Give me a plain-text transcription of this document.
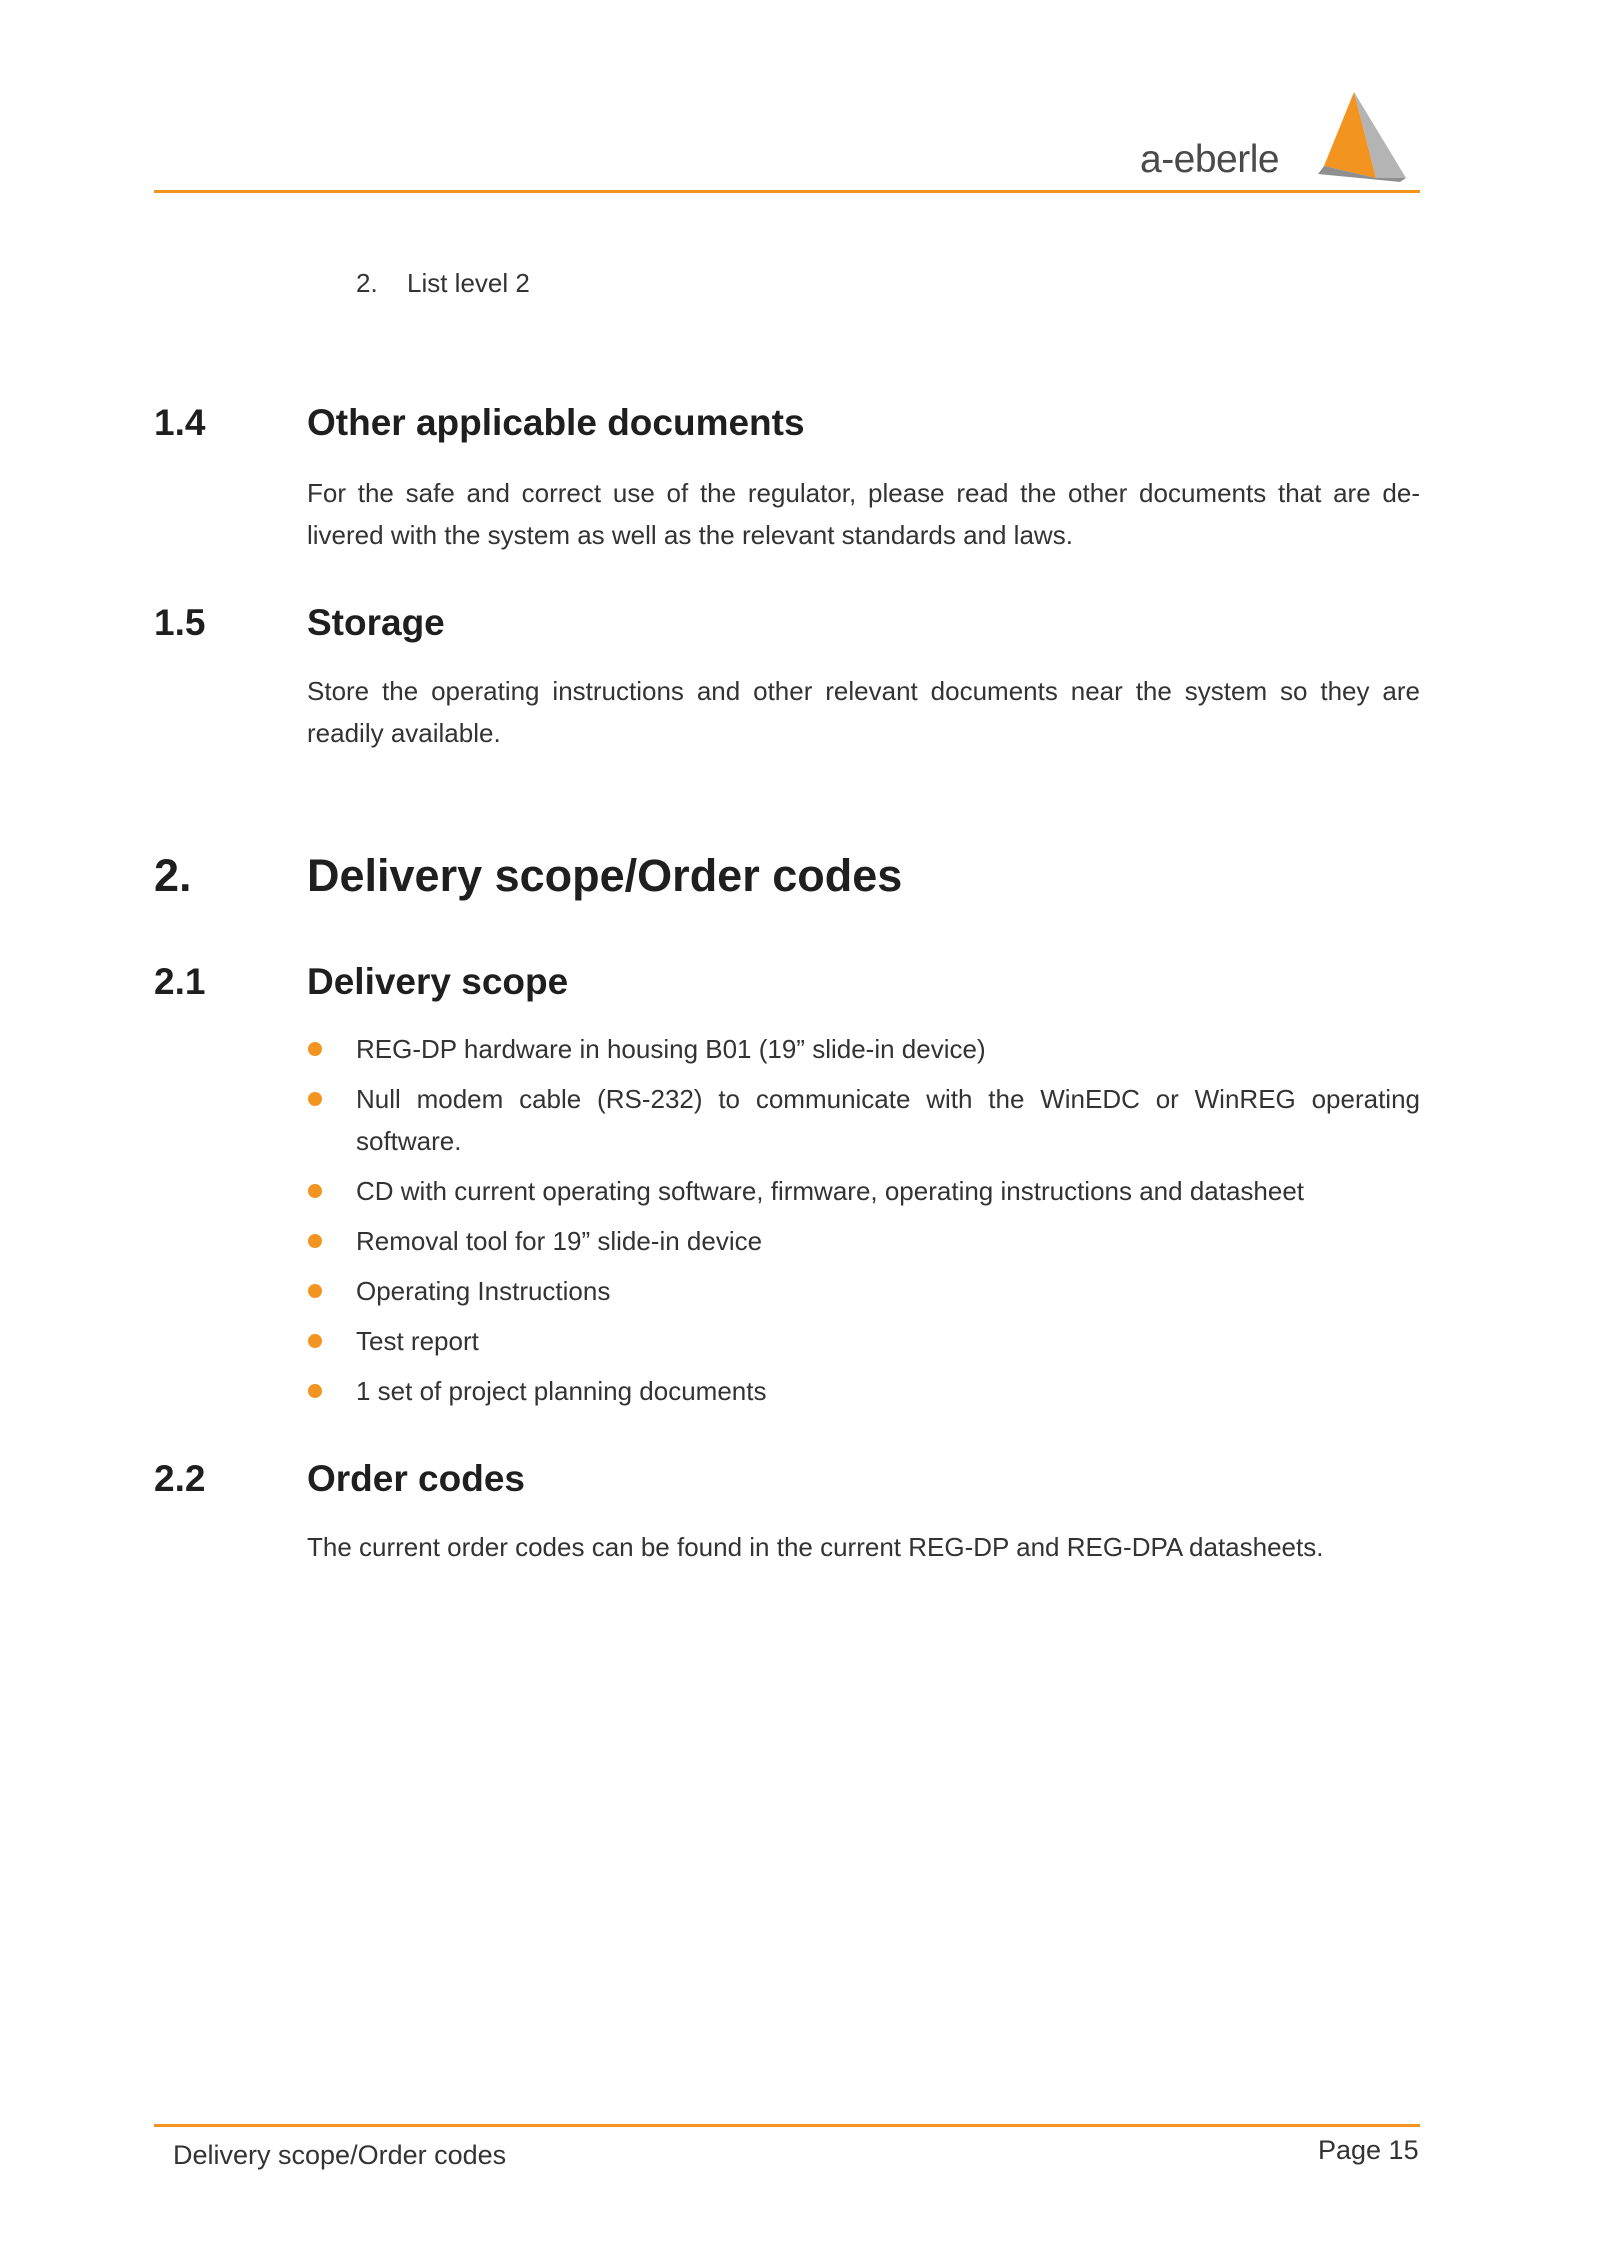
a-eberle
2. List level 2
1.4	Other applicable documents
For the safe and correct use of the regulator, please read the other documents that are de-livered with the system as well as the relevant standards and laws.
1.5	Storage
Store the operating instructions and other relevant documents near the system so they are readily available.
2.	Delivery scope/Order codes
2.1	Delivery scope
REG-DP hardware in housing B01 (19” slide-in device)
Null modem cable (RS-232) to communicate with the WinEDC or WinREG operating software.
CD with current operating software, firmware, operating instructions and datasheet
Removal tool for 19” slide-in device
Operating Instructions
Test report
1 set of project planning documents
2.2	Order codes
The current order codes can be found in the current REG-DP and REG-DPA datasheets.
Delivery scope/Order codes	Page 15
